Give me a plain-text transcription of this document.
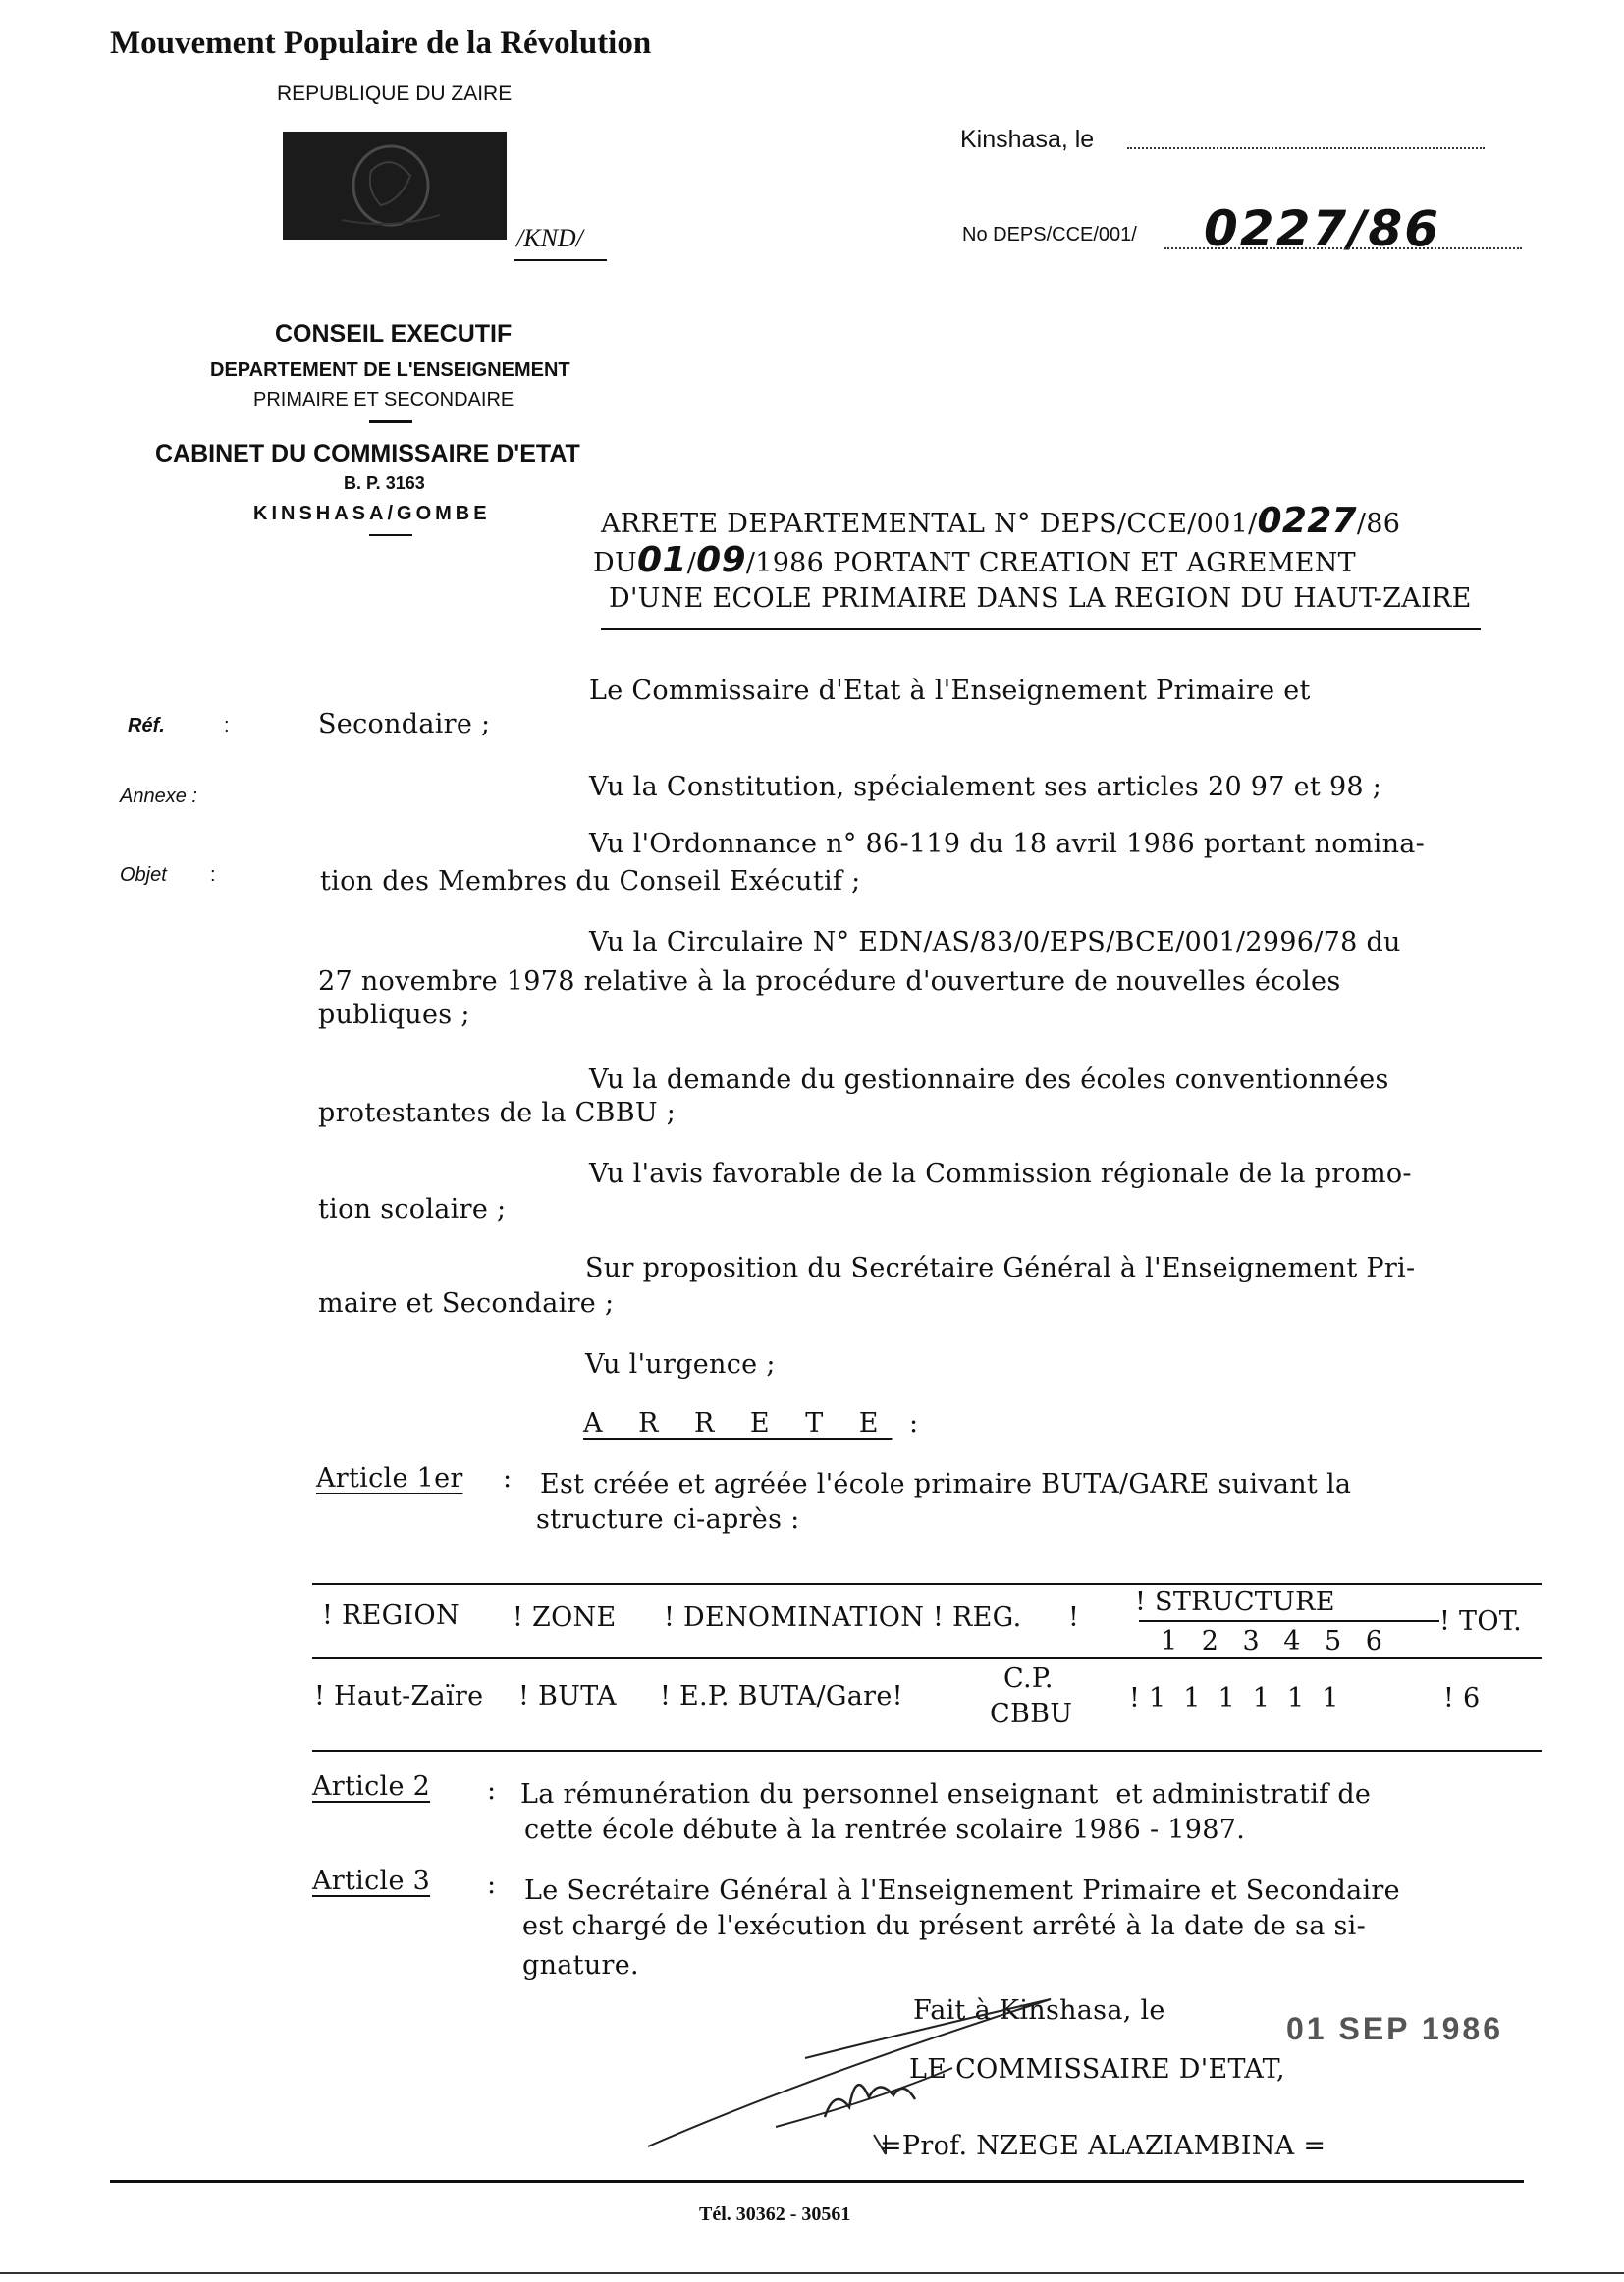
Mouvement Populaire de la Révolution
REPUBLIQUE DU ZAIRE
/KND/
CONSEIL EXECUTIF
DEPARTEMENT DE L'ENSEIGNEMENT
PRIMAIRE ET SECONDAIRE
CABINET DU COMMISSAIRE D'ETAT
B. P. 3163
KINSHASA/GOMBE
Kinshasa, le
No DEPS/CCE/001/ 0227/86
ARRETE DEPARTEMENTAL N° DEPS/CCE/001/0227/86
DU01/09/1986 PORTANT CREATION ET AGREMENT
D'UNE ECOLE PRIMAIRE DANS LA REGION DU HAUT-ZAIRE
Réf.	:
Annexe :
Objet :
Le Commissaire d'Etat à l'Enseignement Primaire et
Secondaire ;
Vu la Constitution, spécialement ses articles 20 97 et 98 ;
Vu l'Ordonnance n° 86-119 du 18 avril 1986 portant nomina-
tion des Membres du Conseil Exécutif ;
Vu la Circulaire N° EDN/AS/83/0/EPS/BCE/001/2996/78 du
27 novembre 1978 relative à la procédure d'ouverture de nouvelles écoles
publiques ;
Vu la demande du gestionnaire des écoles conventionnées
protestantes de la CBBU ;
Vu l'avis favorable de la Commission régionale de la promo-
tion scolaire ;
Sur proposition du Secrétaire Général à l'Enseignement Pri-
maire et Secondaire ;
Vu l'urgence ;
A R R E T E :
Article 1er : Est créée et agréée l'école primaire BUTA/GARE suivant la
structure ci-après :
! REGION ! ZONE ! DENOMINATION ! REG. !
! STRUCTURE
1 2 3 4 5 6
! TOT.
! Haut-Zaïre ! BUTA ! E.P. BUTA/Gare!
C.P.
CBBU
! 1  1  1  1  1  1	! 6
Article 2 : La rémunération du personnel enseignant  et administratif de
cette école débute à la rentrée scolaire 1986 - 1987.
Article 3 : Le Secrétaire Général à l'Enseignement Primaire et Secondaire
est chargé de l'exécution du présent arrêté à la date de sa si-
gnature.
Fait à Kinshasa, le
01 SEP 1986
LE COMMISSAIRE D'ETAT,
=Prof. NZEGE ALAZIAMBINA =
Tél. 30362 - 30561
